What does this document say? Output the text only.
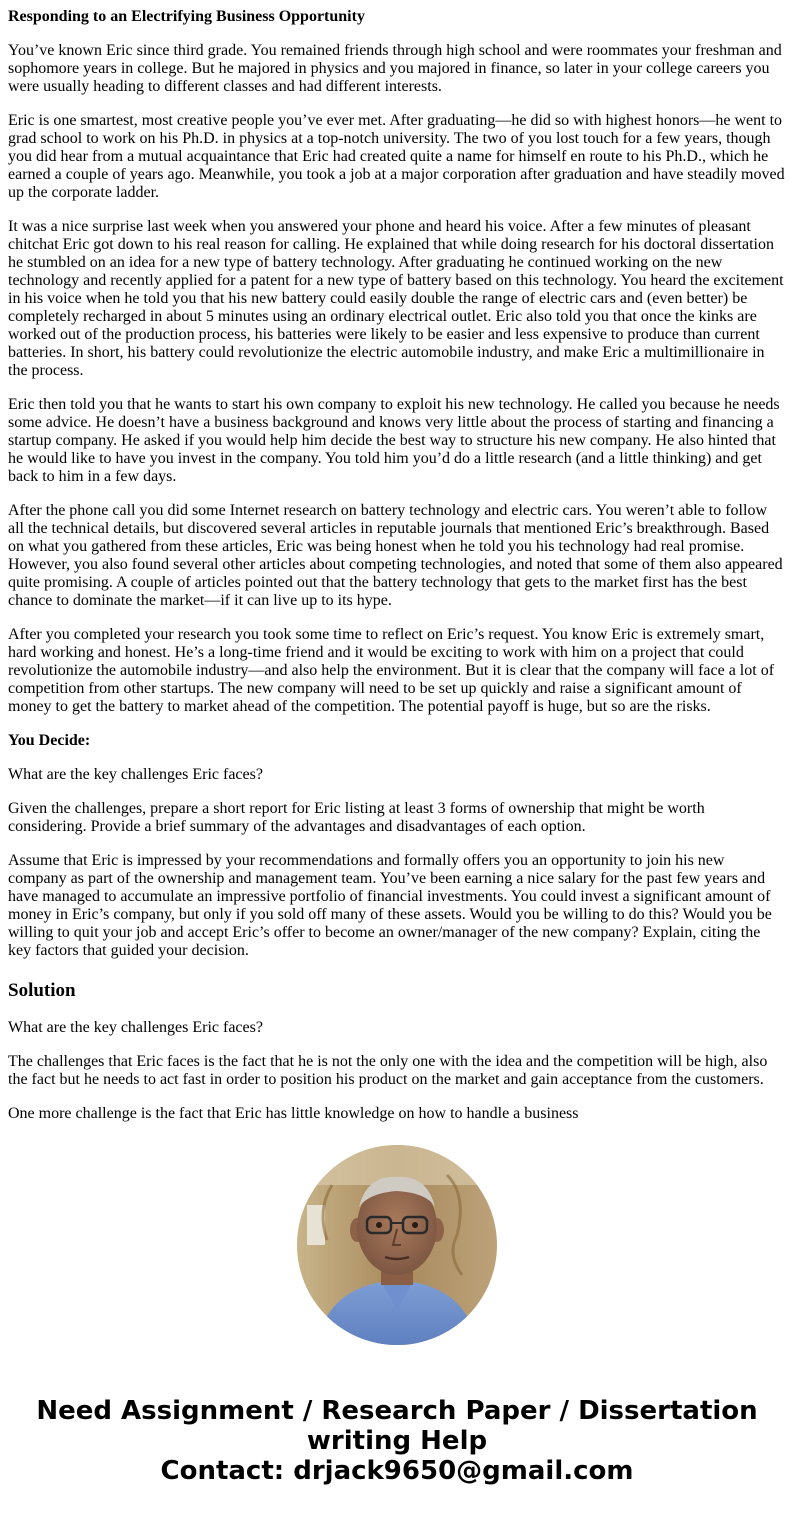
Responding to an Electrifying Business Opportunity

You’ve known Eric since third grade. You remained friends through high school and were roommates your freshman and sophomore years in college. But he majored in physics and you majored in finance, so later in your college careers you were usually heading to different classes and had different interests.

Eric is one smartest, most creative people you’ve ever met. After graduating—he did so with highest honors—he went to grad school to work on his Ph.D. in physics at a top-notch university. The two of you lost touch for a few years, though you did hear from a mutual acquaintance that Eric had created quite a name for himself en route to his Ph.D., which he earned a couple of years ago. Meanwhile, you took a job at a major corporation after graduation and have steadily moved up the corporate ladder.

It was a nice surprise last week when you answered your phone and heard his voice. After a few minutes of pleasant chitchat Eric got down to his real reason for calling. He explained that while doing research for his doctoral dissertation he stumbled on an idea for a new type of battery technology. After graduating he continued working on the new technology and recently applied for a patent for a new type of battery based on this technology. You heard the excitement in his voice when he told you that his new battery could easily double the range of electric cars and (even better) be completely recharged in about 5 minutes using an ordinary electrical outlet. Eric also told you that once the kinks are worked out of the production process, his batteries were likely to be easier and less expensive to produce than current batteries. In short, his battery could revolutionize the electric automobile industry, and make Eric a multimillionaire in the process.

Eric then told you that he wants to start his own company to exploit his new technology. He called you because he needs some advice. He doesn’t have a business background and knows very little about the process of starting and financing a startup company. He asked if you would help him decide the best way to structure his new company. He also hinted that he would like to have you invest in the company. You told him you’d do a little research (and a little thinking) and get back to him in a few days.

After the phone call you did some Internet research on battery technology and electric cars. You weren’t able to follow all the technical details, but discovered several articles in reputable journals that mentioned Eric’s breakthrough. Based on what you gathered from these articles, Eric was being honest when he told you his technology had real promise. However, you also found several other articles about competing technologies, and noted that some of them also appeared quite promising. A couple of articles pointed out that the battery technology that gets to the market first has the best chance to dominate the market—if it can live up to its hype.

After you completed your research you took some time to reflect on Eric’s request. You know Eric is extremely smart, hard working and honest. He’s a long-time friend and it would be exciting to work with him on a project that could revolutionize the automobile industry—and also help the environment. But it is clear that the company will face a lot of competition from other startups. The new company will need to be set up quickly and raise a significant amount of money to get the battery to market ahead of the competition. The potential payoff is huge, but so are the risks.

You Decide:

What are the key challenges Eric faces?

Given the challenges, prepare a short report for Eric listing at least 3 forms of ownership that might be worth considering. Provide a brief summary of the advantages and disadvantages of each option.

Assume that Eric is impressed by your recommendations and formally offers you an opportunity to join his new company as part of the ownership and management team. You’ve been earning a nice salary for the past few years and have managed to accumulate an impressive portfolio of financial investments. You could invest a significant amount of money in Eric’s company, but only if you sold off many of these assets. Would you be willing to do this? Would you be willing to quit your job and accept Eric’s offer to become an owner/manager of the new company? Explain, citing the key factors that guided your decision.

Solution

What are the key challenges Eric faces?

The challenges that Eric faces is the fact that he is not the only one with the idea and the competition will be high, also the fact but he needs to act fast in order to position his product on the market and gain acceptance from the customers.

One more challenge is the fact that Eric has little knowledge on how to handle a business

Need Assignment / Research Paper / Dissertation
writing Help
Contact: drjack9650@gmail.com
